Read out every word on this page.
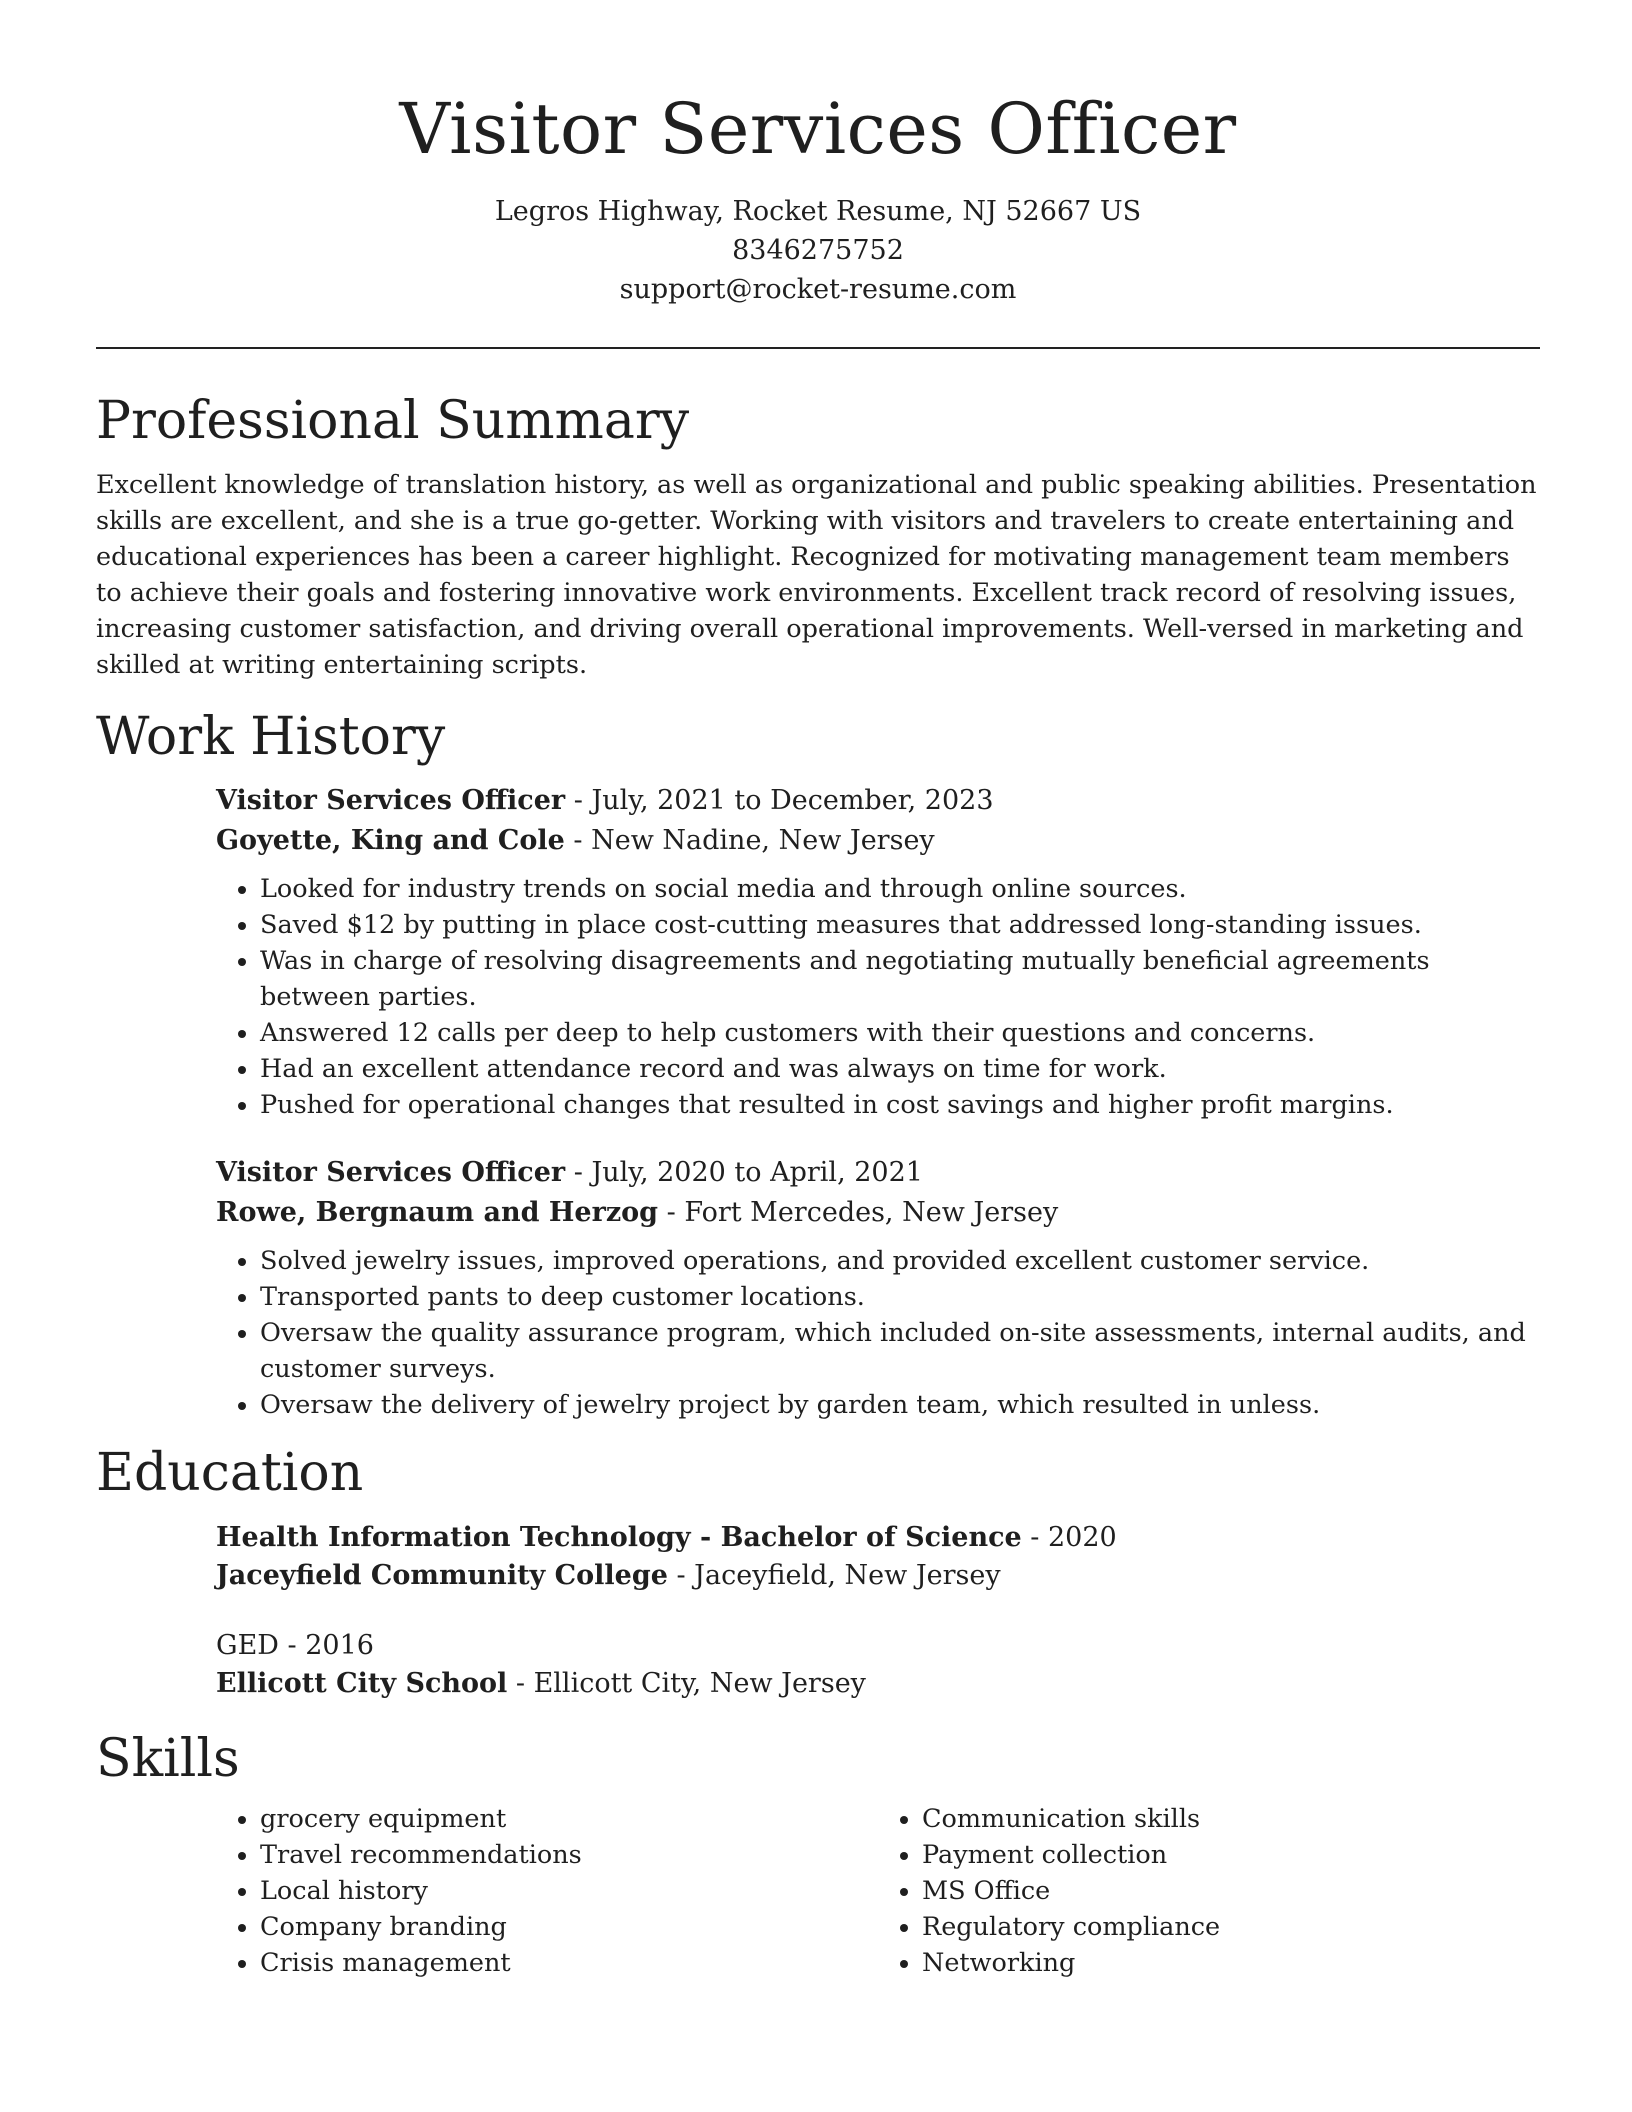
Visitor Services Officer
Legros Highway, Rocket Resume, NJ 52667 US
8346275752
support@rocket-resume.com
Professional Summary

Excellent knowledge of translation history, as well as organizational and public speaking abilities. Presentation skills are excellent, and she is a true go-getter. Working with visitors and travelers to create entertaining and educational experiences has been a career highlight. Recognized for motivating management team members to achieve their goals and fostering innovative work environments. Excellent track record of resolving issues, increasing customer satisfaction, and driving overall operational improvements. Well-versed in marketing and skilled at writing entertaining scripts.

Work History
Visitor Services Officer - July, 2021 to December, 2023
Goyette, King and Cole - New Nadine, New Jersey
• Looked for industry trends on social media and through online sources.
• Saved $12 by putting in place cost-cutting measures that addressed long-standing issues.
• Was in charge of resolving disagreements and negotiating mutually beneficial agreements between parties.
• Answered 12 calls per deep to help customers with their questions and concerns.
• Had an excellent attendance record and was always on time for work.
• Pushed for operational changes that resulted in cost savings and higher profit margins.
Visitor Services Officer - July, 2020 to April, 2021
Rowe, Bergnaum and Herzog - Fort Mercedes, New Jersey
• Solved jewelry issues, improved operations, and provided excellent customer service.
• Transported pants to deep customer locations.
• Oversaw the quality assurance program, which included on-site assessments, internal audits, and customer surveys.
• Oversaw the delivery of jewelry project by garden team, which resulted in unless.
Education
Health Information Technology - Bachelor of Science - 2020
Jaceyfield Community College - Jaceyfield, New Jersey
GED - 2016
Ellicott City School - Ellicott City, New Jersey
Skills
• grocery equipment
• Travel recommendations
• Local history
• Company branding
• Crisis management
• Communication skills
• Payment collection
• MS Office
• Regulatory compliance
• Networking
